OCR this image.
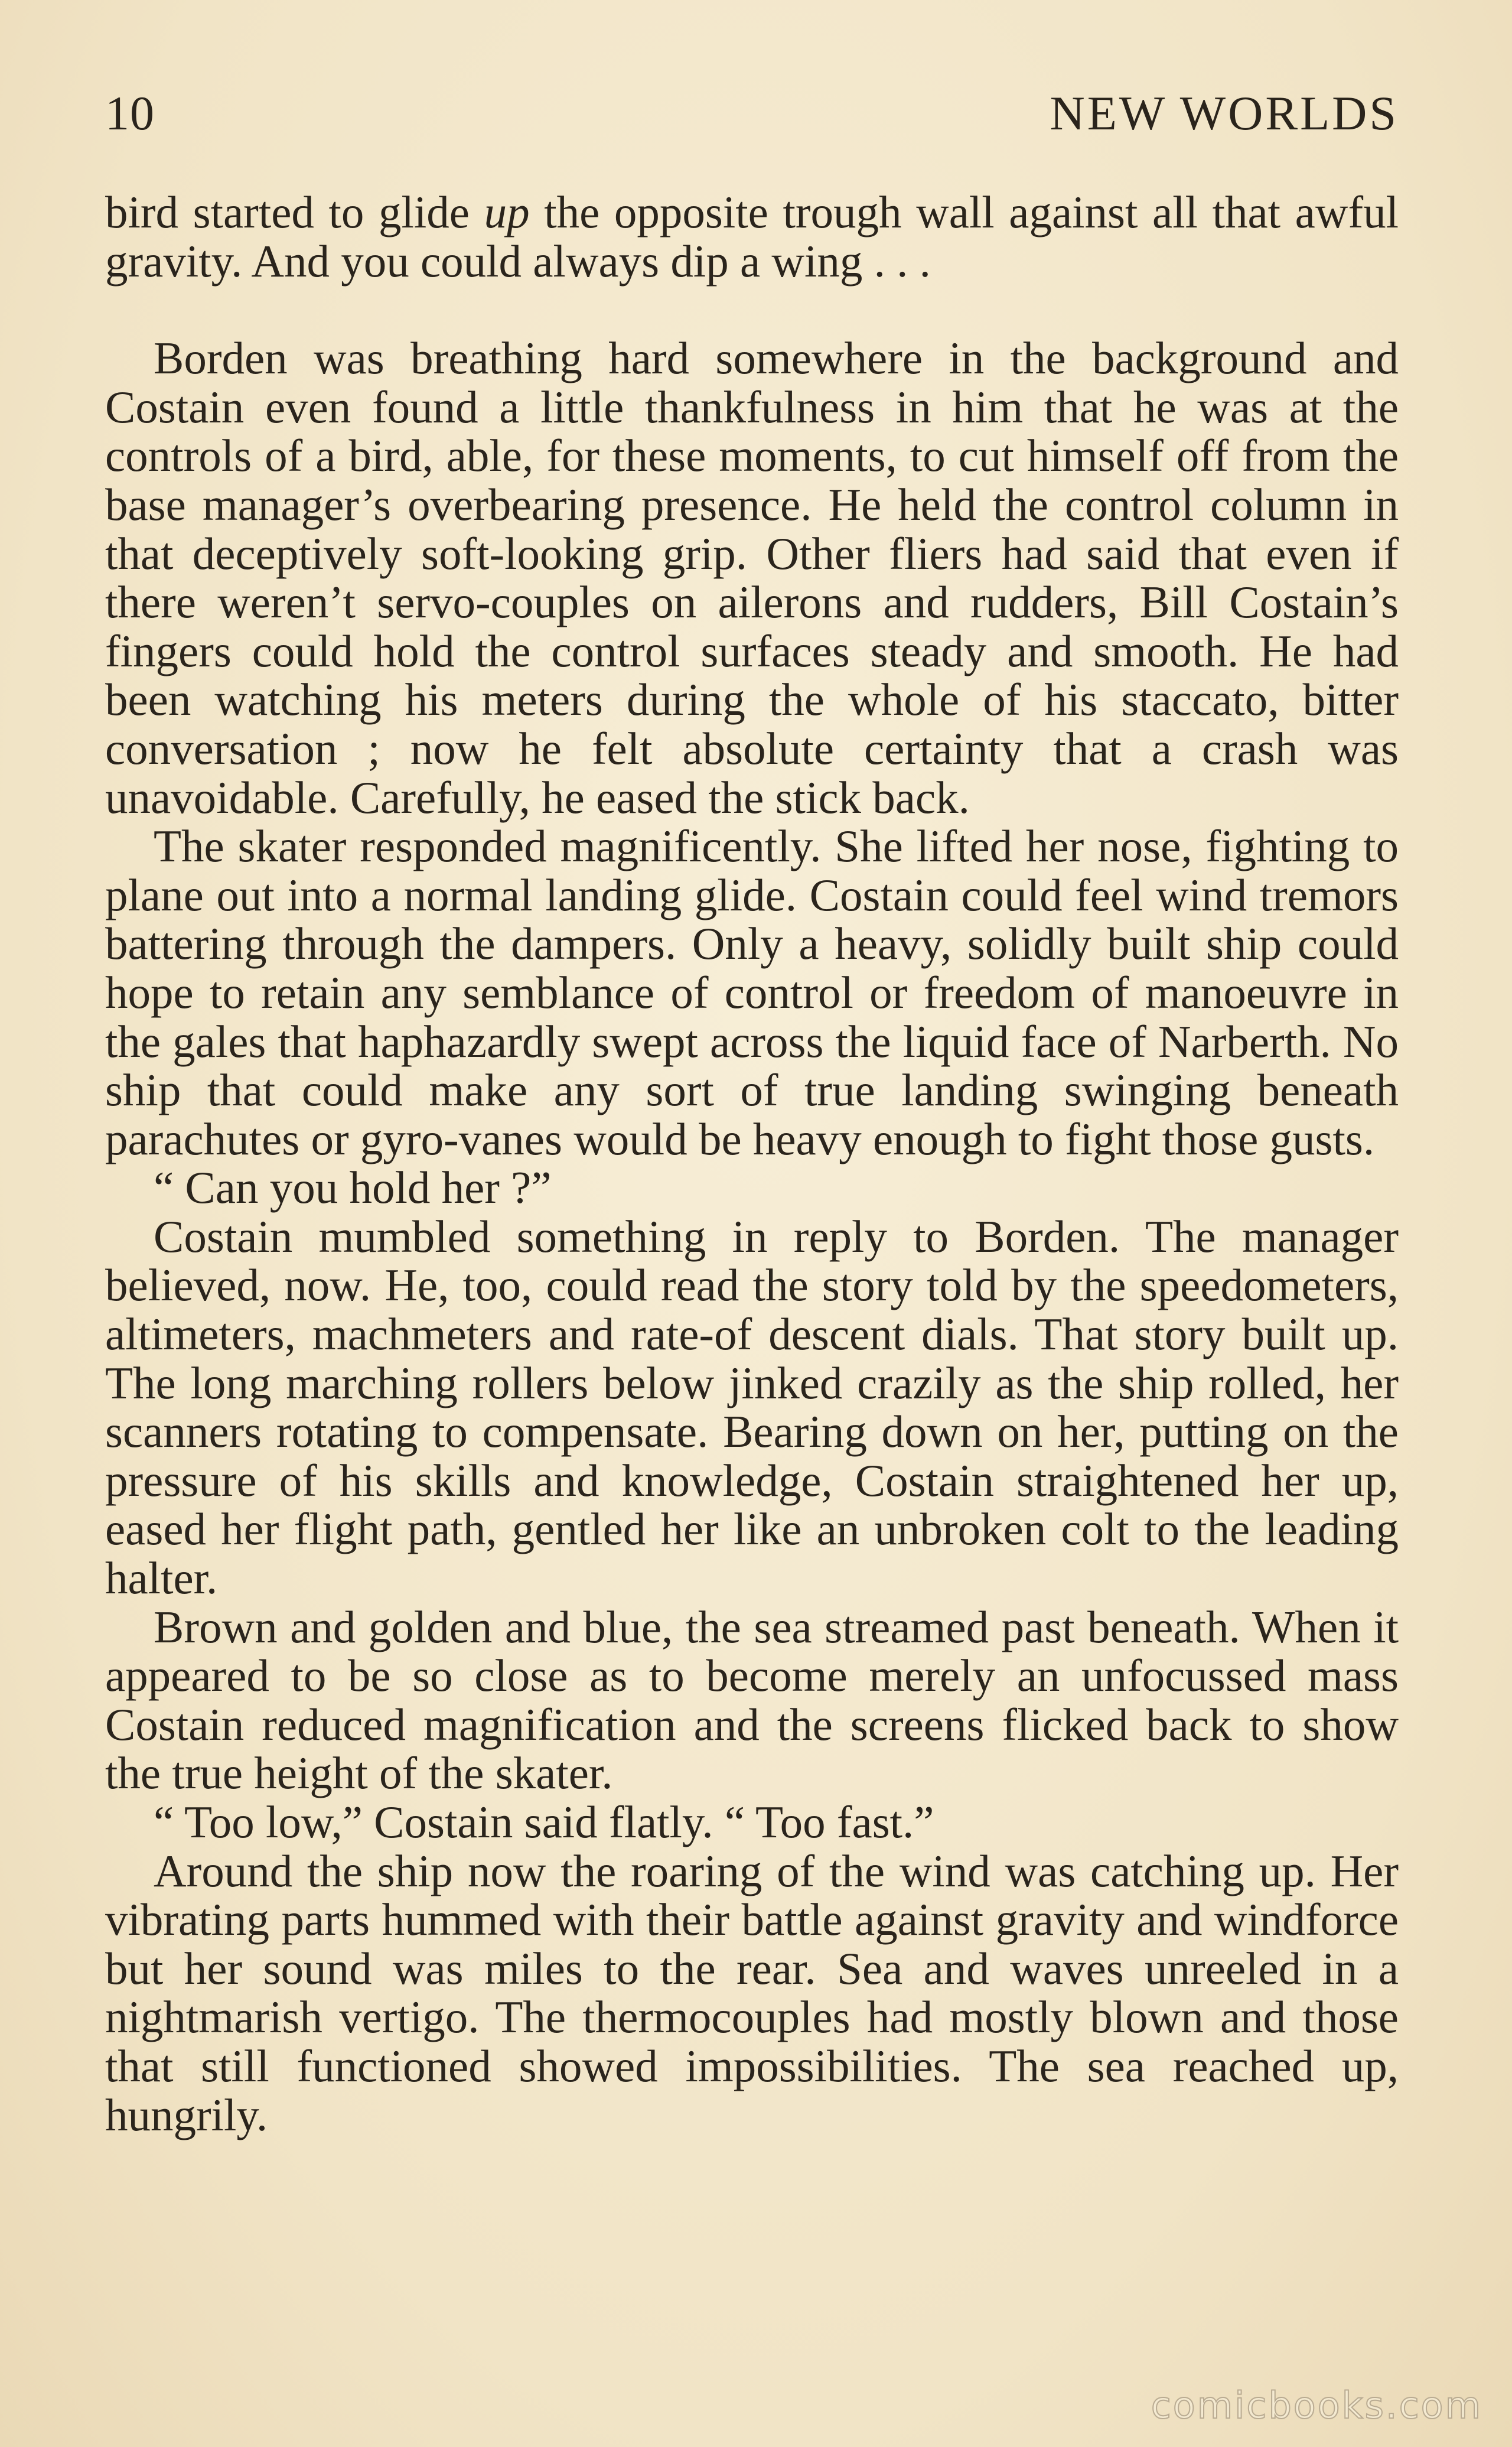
10	NEW WORLDS

bird started to glide up the opposite trough wall against all that awful gravity. And you could always dip a wing . . .

Borden was breathing hard somewhere in the background and Costain even found a little thankfulness in him that he was at the controls of a bird, able, for these moments, to cut himself off from the base manager’s overbearing presence. He held the control column in that deceptively soft-looking grip. Other fliers had said that even if there weren’t servo-couples on ailerons and rudders, Bill Costain’s fingers could hold the control surfaces steady and smooth. He had been watching his meters during the whole of his staccato, bitter conversation ; now he felt absolute certainty that a crash was unavoidable. Carefully, he eased the stick back.

The skater responded magnificently. She lifted her nose, fighting to plane out into a normal landing glide. Costain could feel wind tremors battering through the dampers. Only a heavy, solidly built ship could hope to retain any semblance of control or freedom of manoeuvre in the gales that haphazardly swept across the liquid face of Narberth. No ship that could make any sort of true landing swinging beneath parachutes or gyro-vanes would be heavy enough to fight those gusts.

“ Can you hold her ?”

Costain mumbled something in reply to Borden. The manager believed, now. He, too, could read the story told by the speedometers, altimeters, machmeters and rate-of descent dials. That story built up. The long marching rollers below jinked crazily as the ship rolled, her scanners rotating to compensate. Bearing down on her, putting on the pressure of his skills and knowledge, Costain straightened her up, eased her flight path, gentled her like an unbroken colt to the leading halter.

Brown and golden and blue, the sea streamed past beneath. When it appeared to be so close as to become merely an unfocussed mass Costain reduced magnification and the screens flicked back to show the true height of the skater.

“ Too low,” Costain said flatly. “ Too fast.”

Around the ship now the roaring of the wind was catching up. Her vibrating parts hummed with their battle against gravity and windforce but her sound was miles to the rear. Sea and waves unreeled in a nightmarish vertigo. The thermocouples had mostly blown and those that still functioned showed impossibilities. The sea reached up, hungrily.

comicbooks.com
